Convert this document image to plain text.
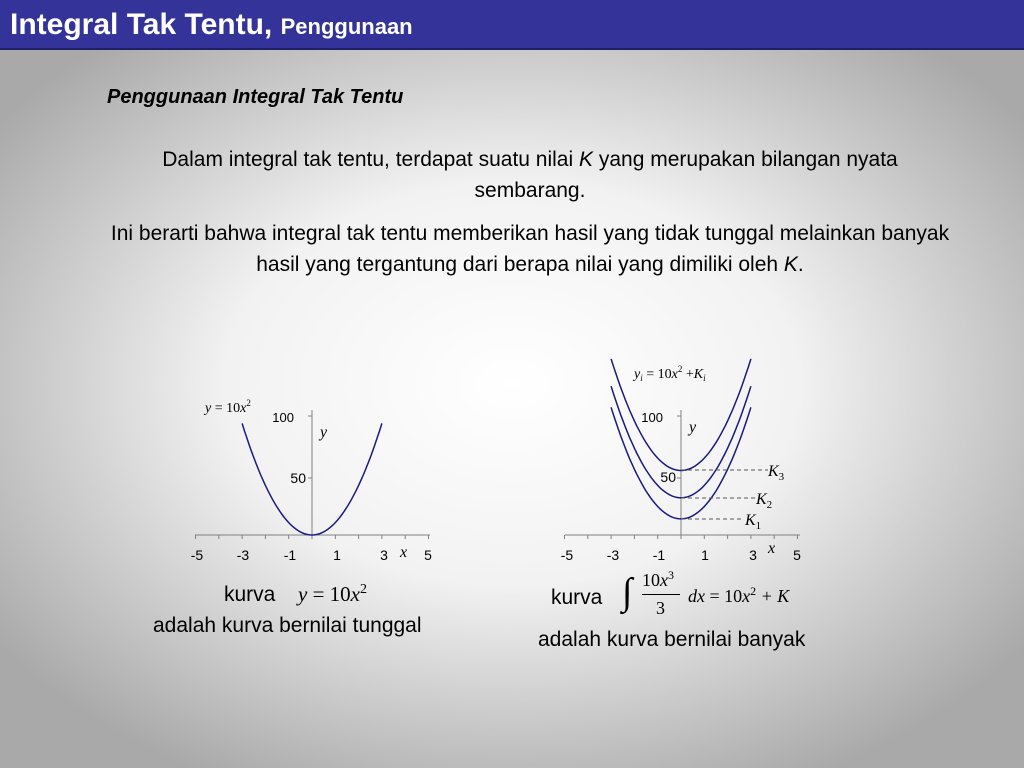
Integral Tak Tentu, Penggunaan
Penggunaan Integral Tak Tentu
Dalam integral tak tentu, terdapat suatu nilai K yang merupakan bilangan nyata sembarang.
Ini berarti bahwa integral tak tentu memberikan hasil yang tidak tunggal melainkan banyak hasil yang tergantung dari berapa nilai yang dimiliki oleh K.
100
50
y
x
-5 -3 -1	1	3	5
$y = 10x^2$
$K_3$
$K_2$
$K_1$
100
50
y
x
-5 -3 -1	1	3	5
$y_i = 10x^2 +K_i$
kurva $y = 10x^2$
adalah kurva bernilai tunggal
kurva ∫ $10x^3$
3
dx = $10x^2 + K$
adalah kurva bernilai banyak
